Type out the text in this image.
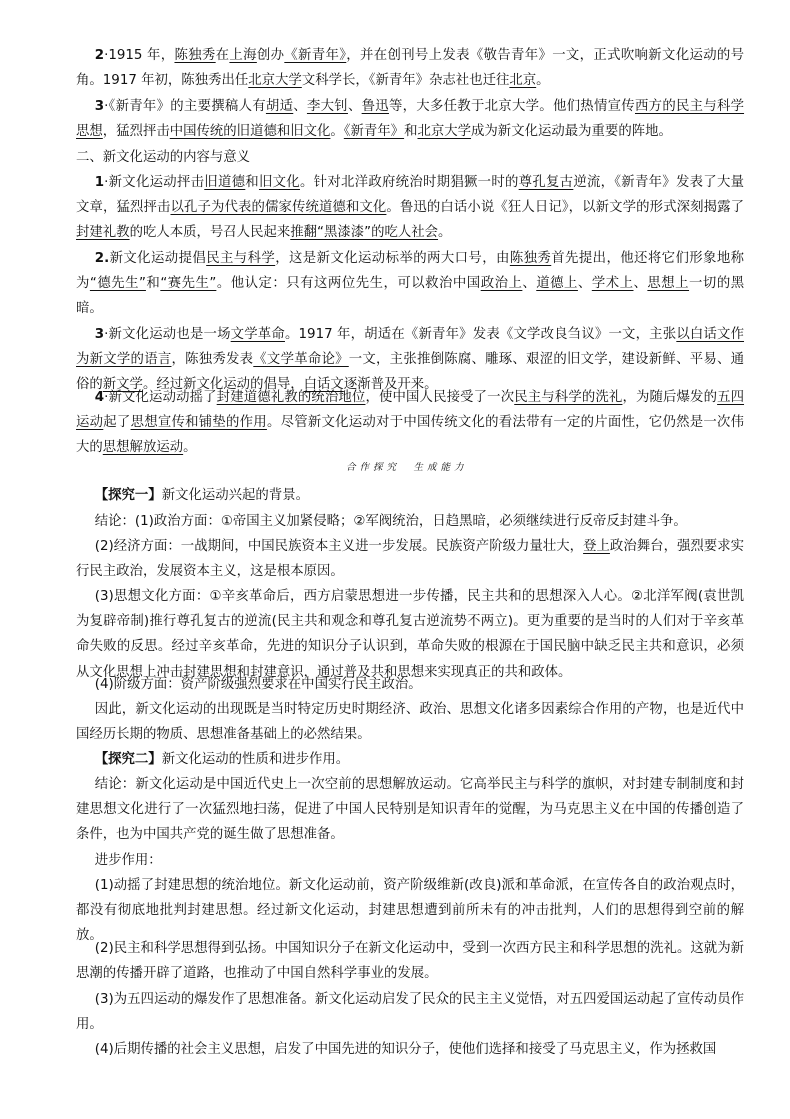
2·1915 年，陈独秀在上海创办《新青年》，并在创刊号上发表《敬告青年》一文，正式吹响新文化运动的号角。1917 年初，陈独秀出任北京大学文科学长，《新青年》杂志社也迁往北京。
3·《新青年》的主要撰稿人有胡适、李大钊、鲁迅等，大多任教于北京大学。他们热情宣传西方的民主与科学思想，猛烈抨击中国传统的旧道德和旧文化。《新青年》和北京大学成为新文化运动最为重要的阵地。
二、新文化运动的内容与意义
1·新文化运动抨击旧道德和旧文化。针对北洋政府统治时期猖獗一时的尊孔复古逆流，《新青年》发表了大量文章，猛烈抨击以孔子为代表的儒家传统道德和文化。鲁迅的白话小说《狂人日记》，以新文学的形式深刻揭露了封建礼教的吃人本质，号召人民起来推翻“黑漆漆”的吃人社会。
2.新文化运动提倡民主与科学，这是新文化运动标举的两大口号，由陈独秀首先提出，他还将它们形象地称为“德先生”和“赛先生”。他认定：只有这两位先生，可以救治中国政治上、道德上、学术上、思想上一切的黑暗。
3·新文化运动也是一场文学革命。1917 年，胡适在《新青年》发表《文学改良刍议》一文，主张以白话文作为新文学的语言，陈独秀发表《文学革命论》一文，主张推倒陈腐、雕琢、艰涩的旧文学，建设新鲜、平易、通俗的新文学。经过新文化运动的倡导，白话文逐渐普及开来。
4·新文化运动动摇了封建道德礼教的统治地位，使中国人民接受了一次民主与科学的洗礼，为随后爆发的五四运动起了思想宣传和铺垫的作用。尽管新文化运动对于中国传统文化的看法带有一定的片面性，它仍然是一次伟大的思想解放运动。
合作探究　生成能力
【探究一】新文化运动兴起的背景。
结论：(1)政治方面：①帝国主义加紧侵略；②军阀统治，日趋黑暗，必须继续进行反帝反封建斗争。
(2)经济方面：一战期间，中国民族资本主义进一步发展。民族资产阶级力量壮大，登上政治舞台，强烈要求实行民主政治，发展资本主义，这是根本原因。
(3)思想文化方面：①辛亥革命后，西方启蒙思想进一步传播，民主共和的思想深入人心。②北洋军阀(袁世凯为复辟帝制)推行尊孔复古的逆流(民主共和观念和尊孔复古逆流势不两立)。更为重要的是当时的人们对于辛亥革命失败的反思。经过辛亥革命，先进的知识分子认识到，革命失败的根源在于国民脑中缺乏民主共和意识，必须从文化思想上冲击封建思想和封建意识，通过普及共和思想来实现真正的共和政体。
(4)阶级方面：资产阶级强烈要求在中国实行民主政治。
因此，新文化运动的出现既是当时特定历史时期经济、政治、思想文化诸多因素综合作用的产物，也是近代中国经历长期的物质、思想准备基础上的必然结果。
【探究二】新文化运动的性质和进步作用。
结论：新文化运动是中国近代史上一次空前的思想解放运动。它高举民主与科学的旗帜，对封建专制制度和封建思想文化进行了一次猛烈地扫荡，促进了中国人民特别是知识青年的觉醒，为马克思主义在中国的传播创造了条件，也为中国共产党的诞生做了思想准备。
进步作用：
(1)动摇了封建思想的统治地位。新文化运动前，资产阶级维新(改良)派和革命派，在宣传各自的政治观点时，都没有彻底地批判封建思想。经过新文化运动，封建思想遭到前所未有的冲击批判，人们的思想得到空前的解放。
(2)民主和科学思想得到弘扬。中国知识分子在新文化运动中，受到一次西方民主和科学思想的洗礼。这就为新思潮的传播开辟了道路，也推动了中国自然科学事业的发展。
(3)为五四运动的爆发作了思想准备。新文化运动启发了民众的民主主义觉悟，对五四爱国运动起了宣传动员作用。
(4)后期传播的社会主义思想，启发了中国先进的知识分子，使他们选择和接受了马克思主义，作为拯救国
